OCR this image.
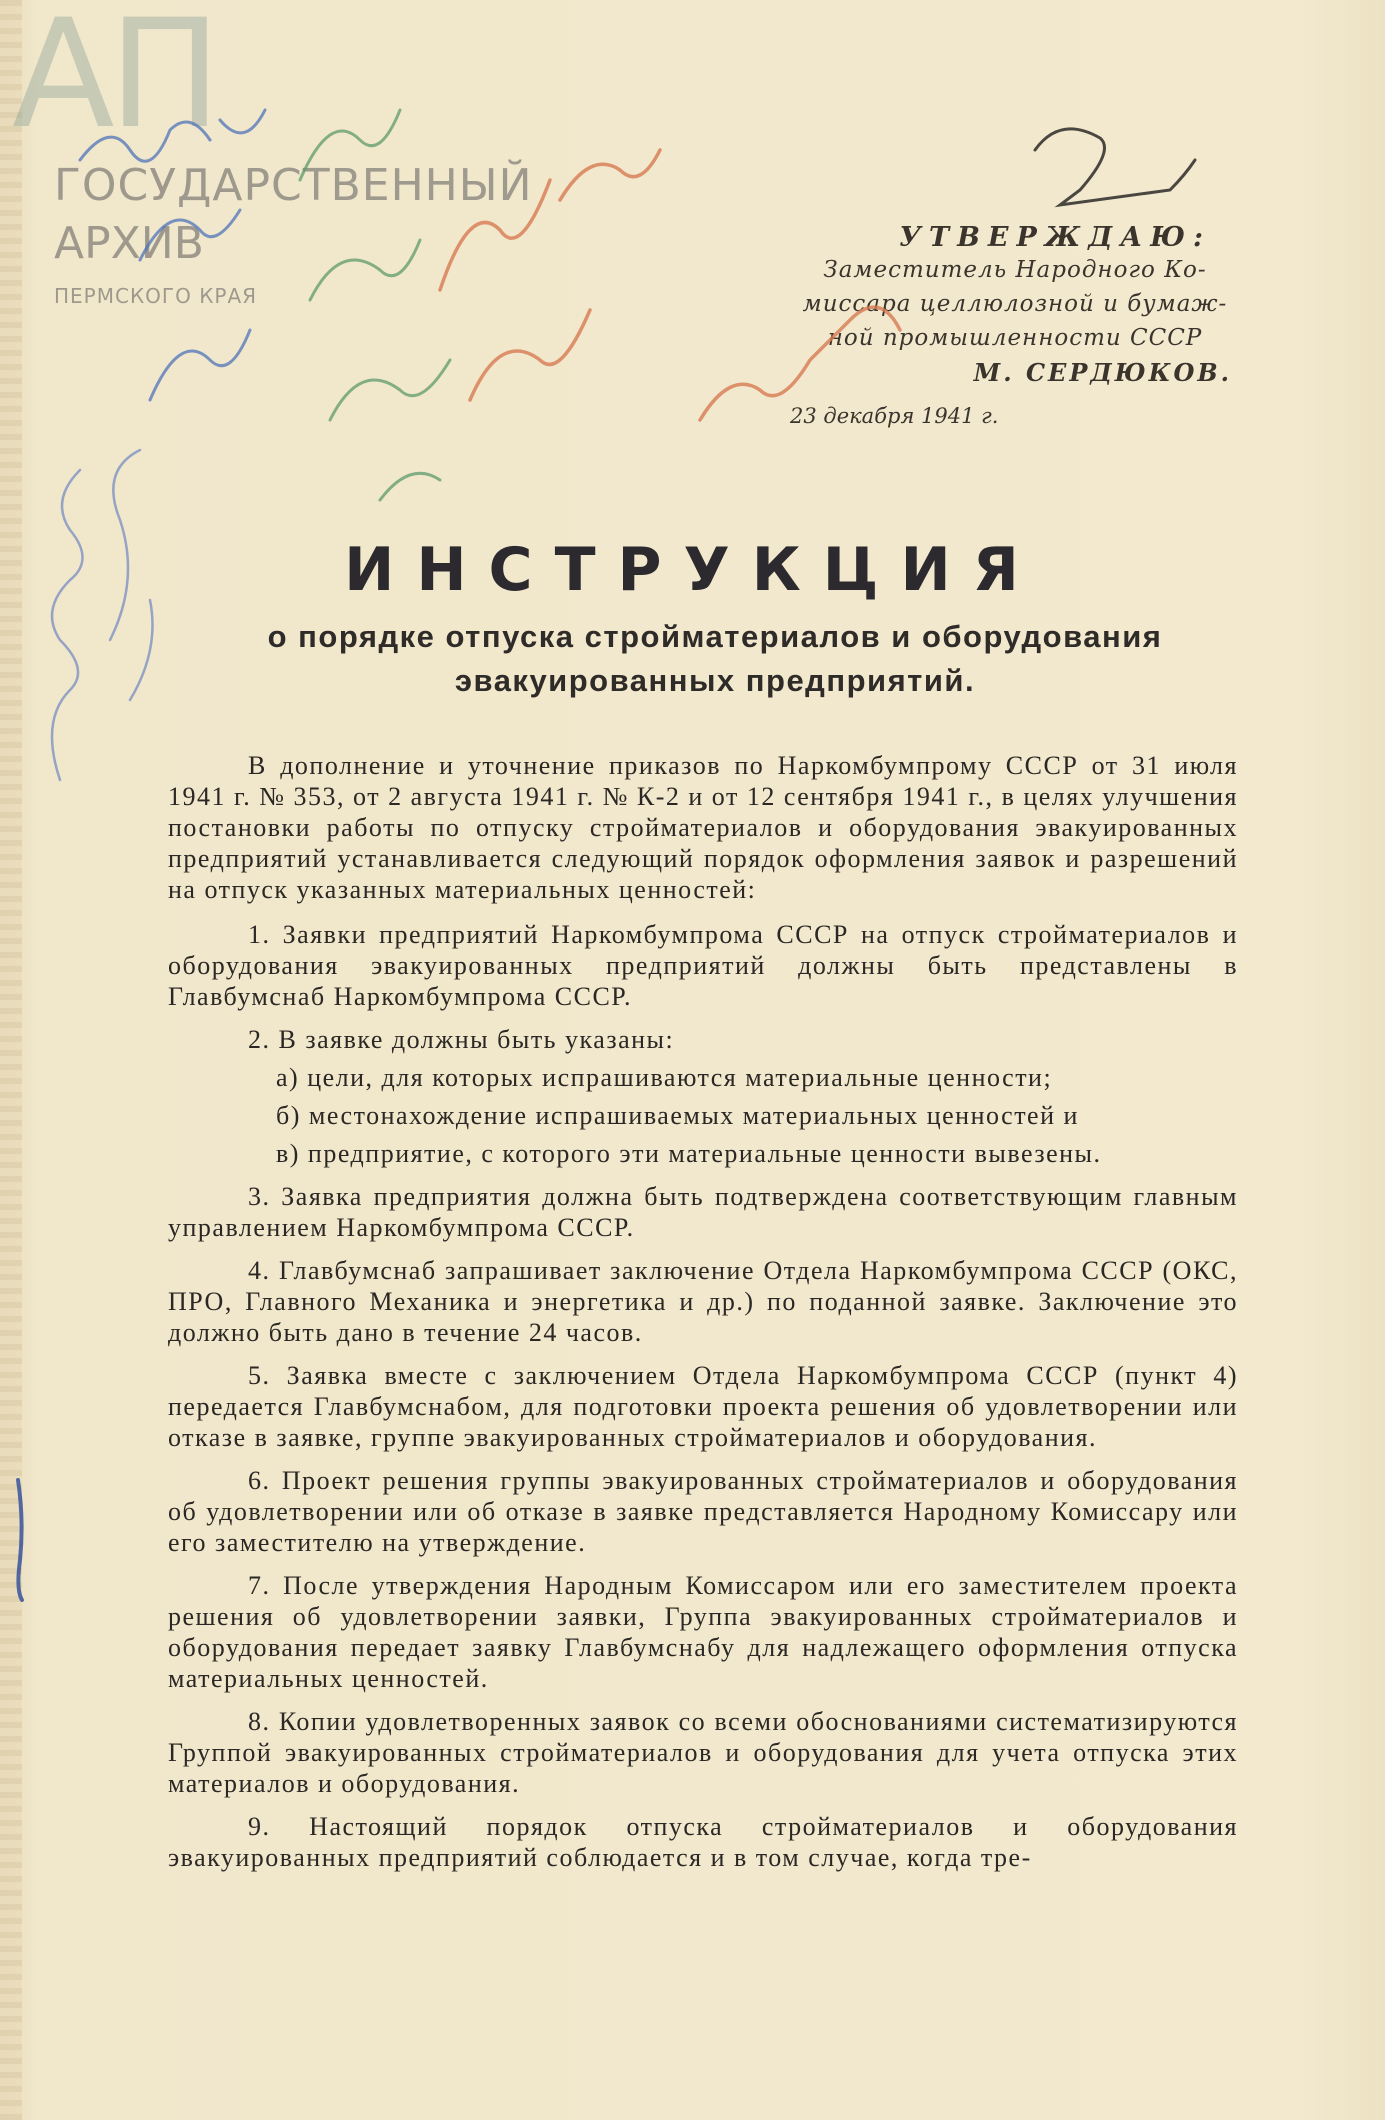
АП
ГОСУДАРСТВЕННЫЙ
АРХИВ
ПЕРМСКОГО КРАЯ
УТВЕРЖДАЮ:
Заместитель Народного Ко-
миссара целлюлозной и бумаж-
ной промышленности СССР
М. СЕРДЮКОВ.
23 декабря 1941 г.
ИНСТРУКЦИЯ
о порядке отпуска стройматериалов и оборудования эвакуированных предприятий.

В дополнение и уточнение приказов по Наркомбумпрому СССР от 31 июля 1941 г. № 353, от 2 августа 1941 г. № К-2 и от 12 сентября 1941 г., в целях улучшения постановки работы по отпуску стройматериалов и оборудования эвакуированных предприятий устанавливается следующий порядок оформления заявок и разрешений на отпуск указанных материальных ценностей:

1. Заявки предприятий Наркомбумпрома СССР на отпуск стройматериалов и оборудования эвакуированных предприятий должны быть представлены в Главбумснаб Наркомбумпрома СССР.

2. В заявке должны быть указаны:

а) цели, для которых испрашиваются материальные ценности;

б) местонахождение испрашиваемых материальных ценностей и

в) предприятие, с которого эти материальные ценности вывезены.

3. Заявка предприятия должна быть подтверждена соответствующим главным управлением Наркомбумпрома СССР.

4. Главбумснаб запрашивает заключение Отдела Наркомбумпрома СССР (ОКС, ПРО, Главного Механика и энергетика и др.) по поданной заявке. Заключение это должно быть дано в течение 24 часов.

5. Заявка вместе с заключением Отдела Наркомбумпрома СССР (пункт 4) передается Главбумснабом, для подготовки проекта решения об удовлетворении или отказе в заявке, группе эвакуированных стройматериалов и оборудования.

6. Проект решения группы эвакуированных стройматериалов и оборудования об удовлетворении или об отказе в заявке представляется Народному Комиссару или его заместителю на утверждение.

7. После утверждения Народным Комиссаром или его заместителем проекта решения об удовлетворении заявки, Группа эвакуированных стройматериалов и оборудования передает заявку Главбумснабу для надлежащего оформления отпуска материальных ценностей.

8. Копии удовлетворенных заявок со всеми обоснованиями систематизируются Группой эвакуированных стройматериалов и оборудования для учета отпуска этих материалов и оборудования.

9. Настоящий порядок отпуска стройматериалов и оборудования эвакуированных предприятий соблюдается и в том случае, когда тре-
